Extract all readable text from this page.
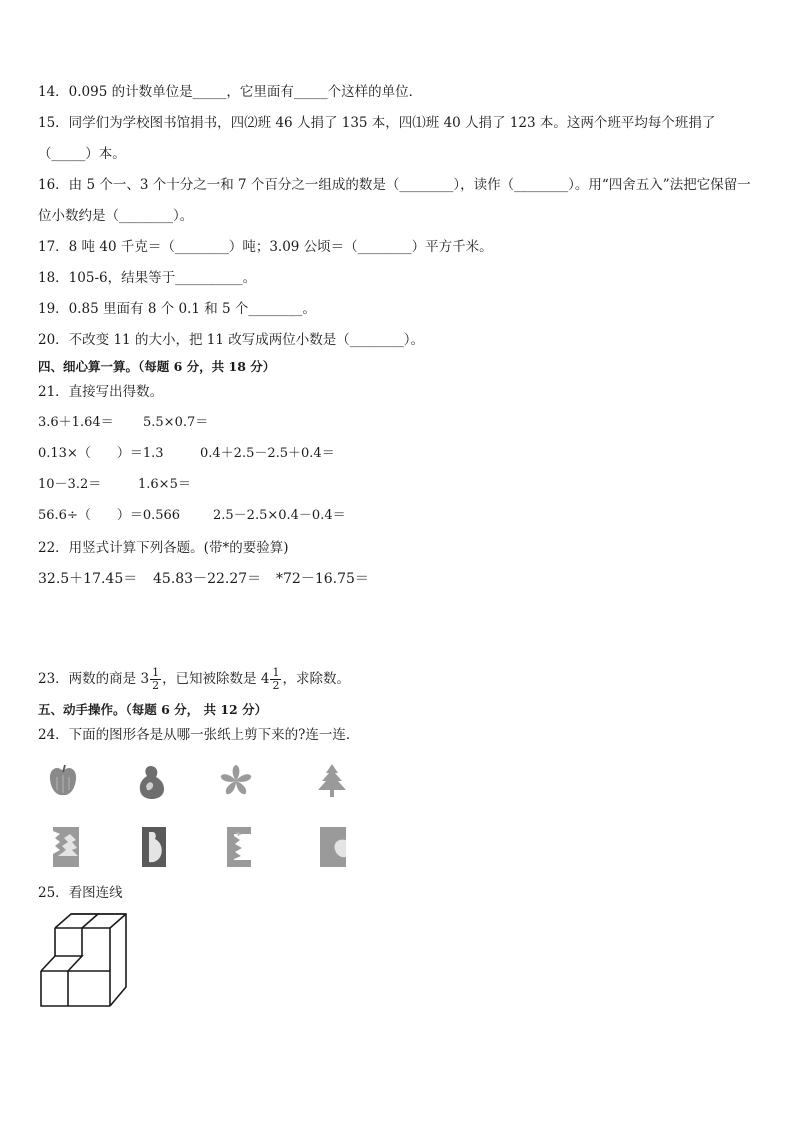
14．0.095 的计数单位是_____，它里面有_____个这样的单位．
15．同学们为学校图书馆捐书，四⑵班 46 人捐了 135 本，四⑴班 40 人捐了 123 本。这两个班平均每个班捐了
（_____）本。
16．由 5 个一、3 个十分之一和 7 个百分之一组成的数是（________），读作（________）。用“四舍五入”法把它保留一
位小数约是（________）。
17．8 吨 40 千克＝（________）吨；3.09 公顷＝（________）平方千米。
18．105-6，结果等于__________。
19．0.85 里面有 8 个 0.1 和 5 个________。
20．不改变 11 的大小，把 11 改写成两位小数是（________）。
四、细心算一算。（每题 6 分，共 18 分）
21．直接写出得数。
3.6＋1.64＝ 5.5×0.7＝
0.13×（　　）＝1.3	0.4＋2.5－2.5＋0.4＝
10－3.2＝	1.6×5＝
56.6÷（　　）＝0.566	2.5－2.5×0.4－0.4＝
22．用竖式计算下列各题。(带*的要验算)
32.5＋17.45＝ 45.83－22.27＝ *72－16.75＝
23．两数的商是 $3 \frac{1}{2}$ ，已知被除数是 $4 \frac{1}{2}$ ，求除数。
五、动手操作。（每题 6 分， 共 12 分）
24．下面的图形各是从哪一张纸上剪下来的?连一连．
25．看图连线
